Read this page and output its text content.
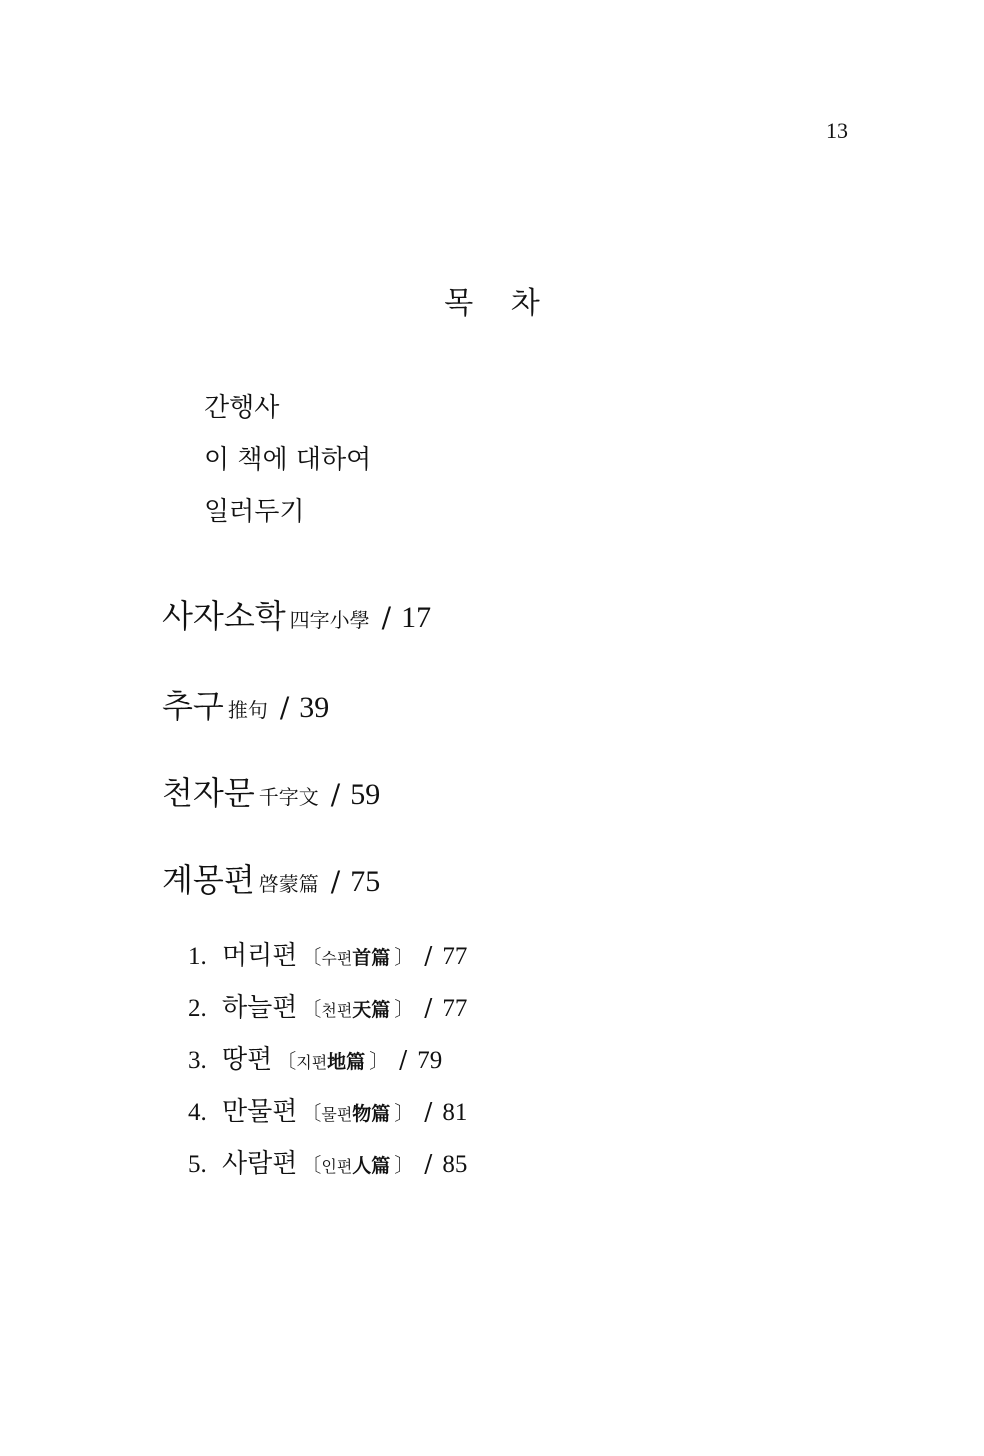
13
목 차
간행사
이 책에 대하여
일러두기
사자소학 四字小學 / 17
추구 推句 / 39
천자문 千字文 / 59
계몽편 啓蒙篇 / 75
1. 머리편 〔수편首篇 〕 / 77
2. 하늘편 〔천편天篇 〕 / 77
3. 땅편 〔지편地篇 〕 / 79
4. 만물편 〔물편物篇 〕 / 81
5. 사람편 〔인편人篇 〕 / 85
